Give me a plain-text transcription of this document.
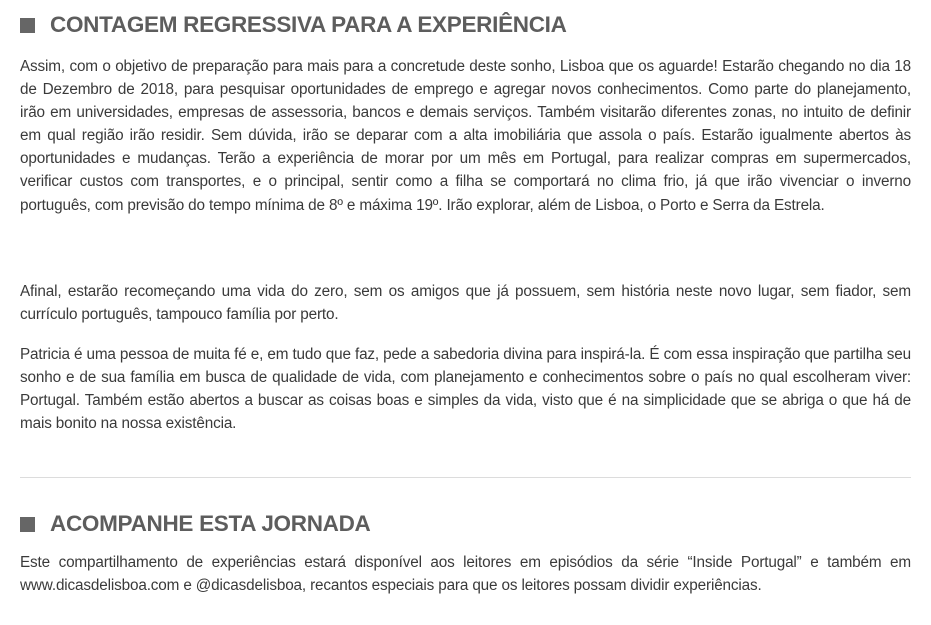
CONTAGEM REGRESSIVA PARA A EXPERIÊNCIA

Assim, com o objetivo de preparação para mais para a concretude deste sonho, Lisboa que os aguarde! Estarão chegando no dia 18 de Dezembro de 2018, para pesquisar oportunidades de emprego e agregar novos conhecimentos. Como parte do planejamento, irão em universidades, empresas de assessoria, bancos e demais serviços. Também visitarão diferentes zonas, no intuito de definir em qual região irão residir. Sem dúvida, irão se deparar com a alta imobiliária que assola o país. Estarão igualmente abertos às oportunidades e mudanças. Terão a experiência de morar por um mês em Portugal, para realizar compras em supermercados, verificar custos com transportes, e o principal, sentir como a filha se comportará no clima frio, já que irão vivenciar o inverno português, com previsão do tempo mínima de 8º e máxima 19º. Irão explorar, além de Lisboa, o Porto e Serra da Estrela.

Afinal, estarão recomeçando uma vida do zero, sem os amigos que já possuem, sem história neste novo lugar, sem fiador, sem currículo português, tampouco família por perto.

Patricia é uma pessoa de muita fé e, em tudo que faz, pede a sabedoria divina para inspirá-la. É com essa inspiração que partilha seu sonho e de sua família em busca de qualidade de vida, com planejamento e conhecimentos sobre o país no qual escolheram viver: Portugal. Também estão abertos a buscar as coisas boas e simples da vida, visto que é na simplicidade que se abriga o que há de mais bonito na nossa existência.

ACOMPANHE ESTA JORNADA

Este compartilhamento de experiências estará disponível aos leitores em episódios da série “Inside Portugal” e também em www.dicasdelisboa.com e @dicasdelisboa, recantos especiais para que os leitores possam dividir experiências.
